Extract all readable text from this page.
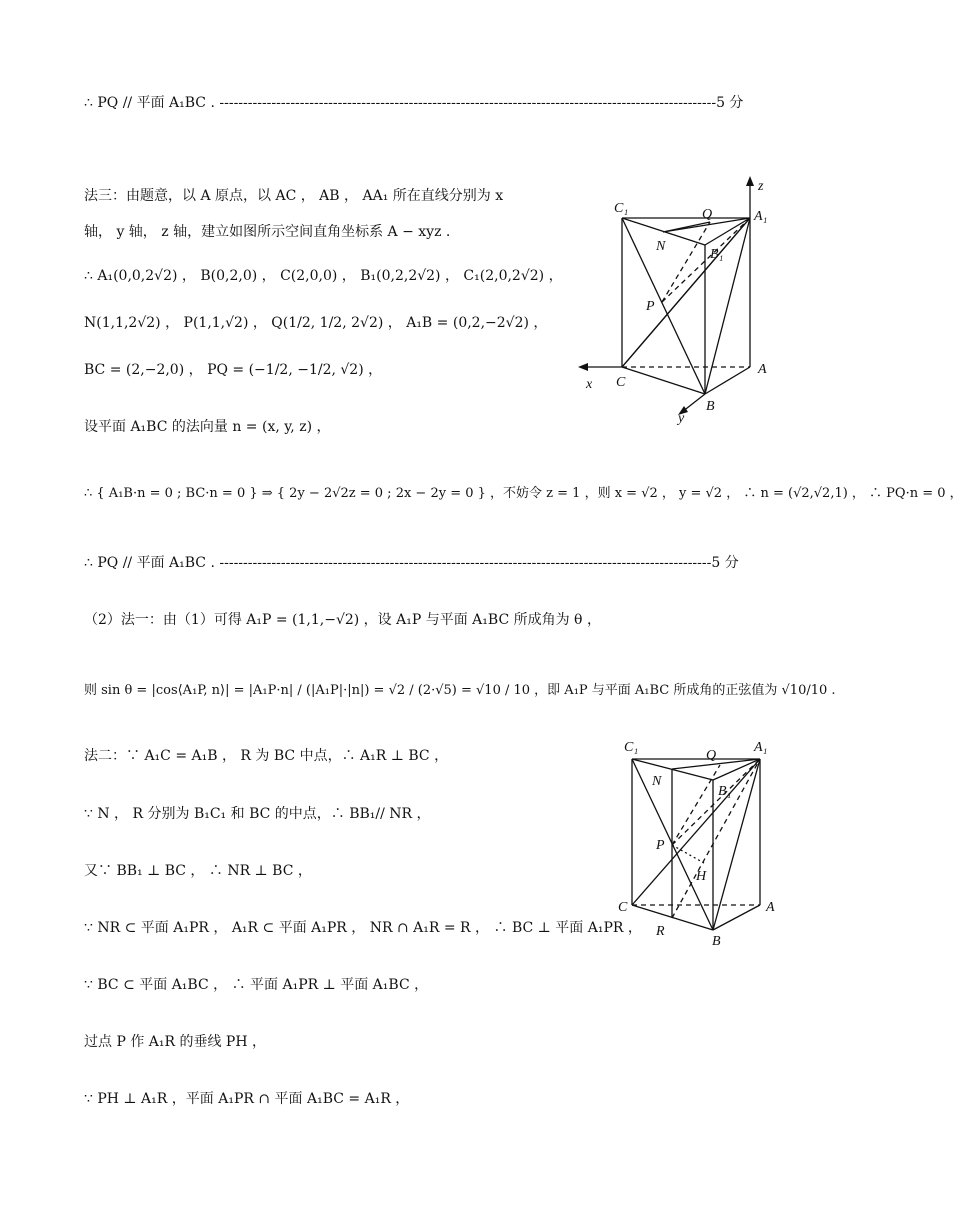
∴ PQ // 平面 A₁BC . ---------------------------------------------------------------------------------------------------------5 分
法三：由题意，以 A 原点，以 AC ， AB ， AA₁ 所在直线分别为 x
轴， y 轴， z 轴，建立如图所示空间直角坐标系 A − xyz .
∴ A₁(0,0,2√2) ， B(0,2,0) ， C(2,0,0) ， B₁(0,2,2√2) ， C₁(2,0,2√2) ，
N(1,1,2√2) ， P(1,1,√2) ， Q(1/2, 1/2, 2√2) ， A₁B = (0,2,−2√2) ，
BC = (2,−2,0) ， PQ = (−1/2, −1/2, √2) ，
设平面 A₁BC 的法向量 n = (x, y, z) ，
∴ { A₁B·n = 0 ; BC·n = 0 } ⇒ { 2y − 2√2z = 0 ; 2x − 2y = 0 } ，不妨令 z = 1 ，则 x = √2 ， y = √2 ， ∴ n = (√2,√2,1) ， ∴ PQ·n = 0 ，
∴ PQ // 平面 A₁BC . --------------------------------------------------------------------------------------------------------5 分
（2）法一：由（1）可得 A₁P = (1,1,−√2) ，设 A₁P 与平面 A₁BC 所成角为 θ ，
则 sin θ = |cos⟨A₁P, n⟩| = |A₁P·n| / (|A₁P|·|n|) = √2 / (2·√5) = √10 / 10 ，即 A₁P 与平面 A₁BC 所成角的正弦值为 √10/10 .
法二：∵ A₁C = A₁B ， R 为 BC 中点，∴ A₁R ⊥ BC ，
∵ N ， R 分别为 B₁C₁ 和 BC 的中点，∴ BB₁// NR ，
又∵ BB₁ ⊥ BC ， ∴ NR ⊥ BC ，
∵ NR ⊂ 平面 A₁PR ， A₁R ⊂ 平面 A₁PR ， NR ∩ A₁R = R ， ∴ BC ⊥ 平面 A₁PR ，
∵ BC ⊂ 平面 A₁BC ， ∴ 平面 A₁PR ⊥ 平面 A₁BC ，
过点 P 作 A₁R 的垂线 PH ，
∵ PH ⊥ A₁R ，平面 A₁PR ∩ 平面 A₁BC = A₁R ，
C₁	Q	A₁
z
N
B₁
P
x C
A
B
y
C₁
Q
A₁
N
B₁
P
H
C	A
R
B
